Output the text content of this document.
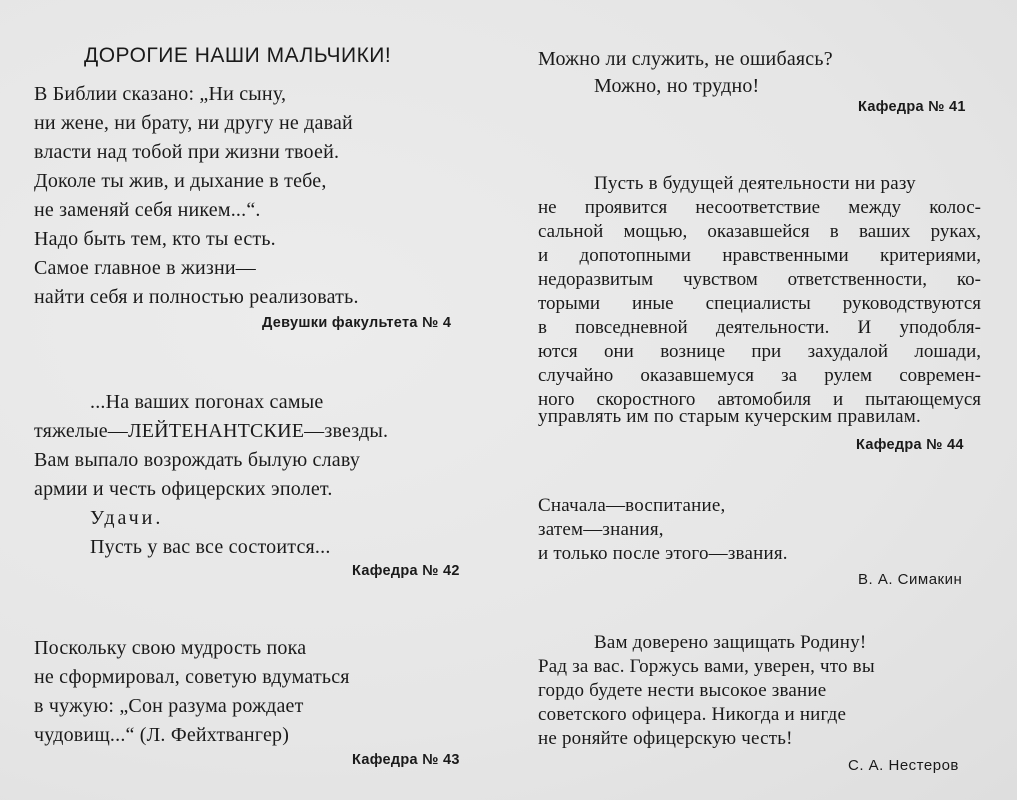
ДОРОГИЕ НАШИ МАЛЬЧИКИ!
В Библии сказано: „Ни сыну,
ни жене, ни брату, ни другу не давай
власти над тобой при жизни твоей.
Доколе ты жив, и дыхание в тебе,
не заменяй себя никем...“.
Надо быть тем, кто ты есть.
Самое главное в жизни—
найти себя и полностью реализовать.
Девушки факультета № 4
...На ваших погонах самые
тяжелые—ЛЕЙТЕНАНТСКИЕ—звезды.
Вам выпало возрождать былую славу
армии и честь офицерских эполет.
Удачи.
Пусть у вас все состоится...
Кафедра № 42
Поскольку свою мудрость пока
не сформировал, советую вдуматься
в чужую: „Сон разума рождает
чудовищ...“ (Л. Фейхтвангер)
Кафедра № 43
Можно ли служить, не ошибаясь?
Можно, но трудно!
Кафедра № 41
Пусть в будущей деятельности ни разу
не проявится несоответствие между колос-
сальной мощью, оказавшейся в ваших руках,
и допотопными нравственными критериями,
недоразвитым чувством ответственности, ко-
торыми иные специалисты руководствуются
в повседневной деятельности. И уподобля-
ются они вознице при захудалой лошади,
случайно оказавшемуся за рулем современ-
ного скоростного автомобиля и пытающемуся
управлять им по старым кучерским правилам.
Кафедра № 44
Сначала—воспитание,
затем—знания,
и только после этого—звания.
В. А. Симакин
Вам доверено защищать Родину!
Рад за вас. Горжусь вами, уверен, что вы
гордо будете нести высокое звание
советского офицера. Никогда и нигде
не роняйте офицерскую честь!
С. А. Нестеров
